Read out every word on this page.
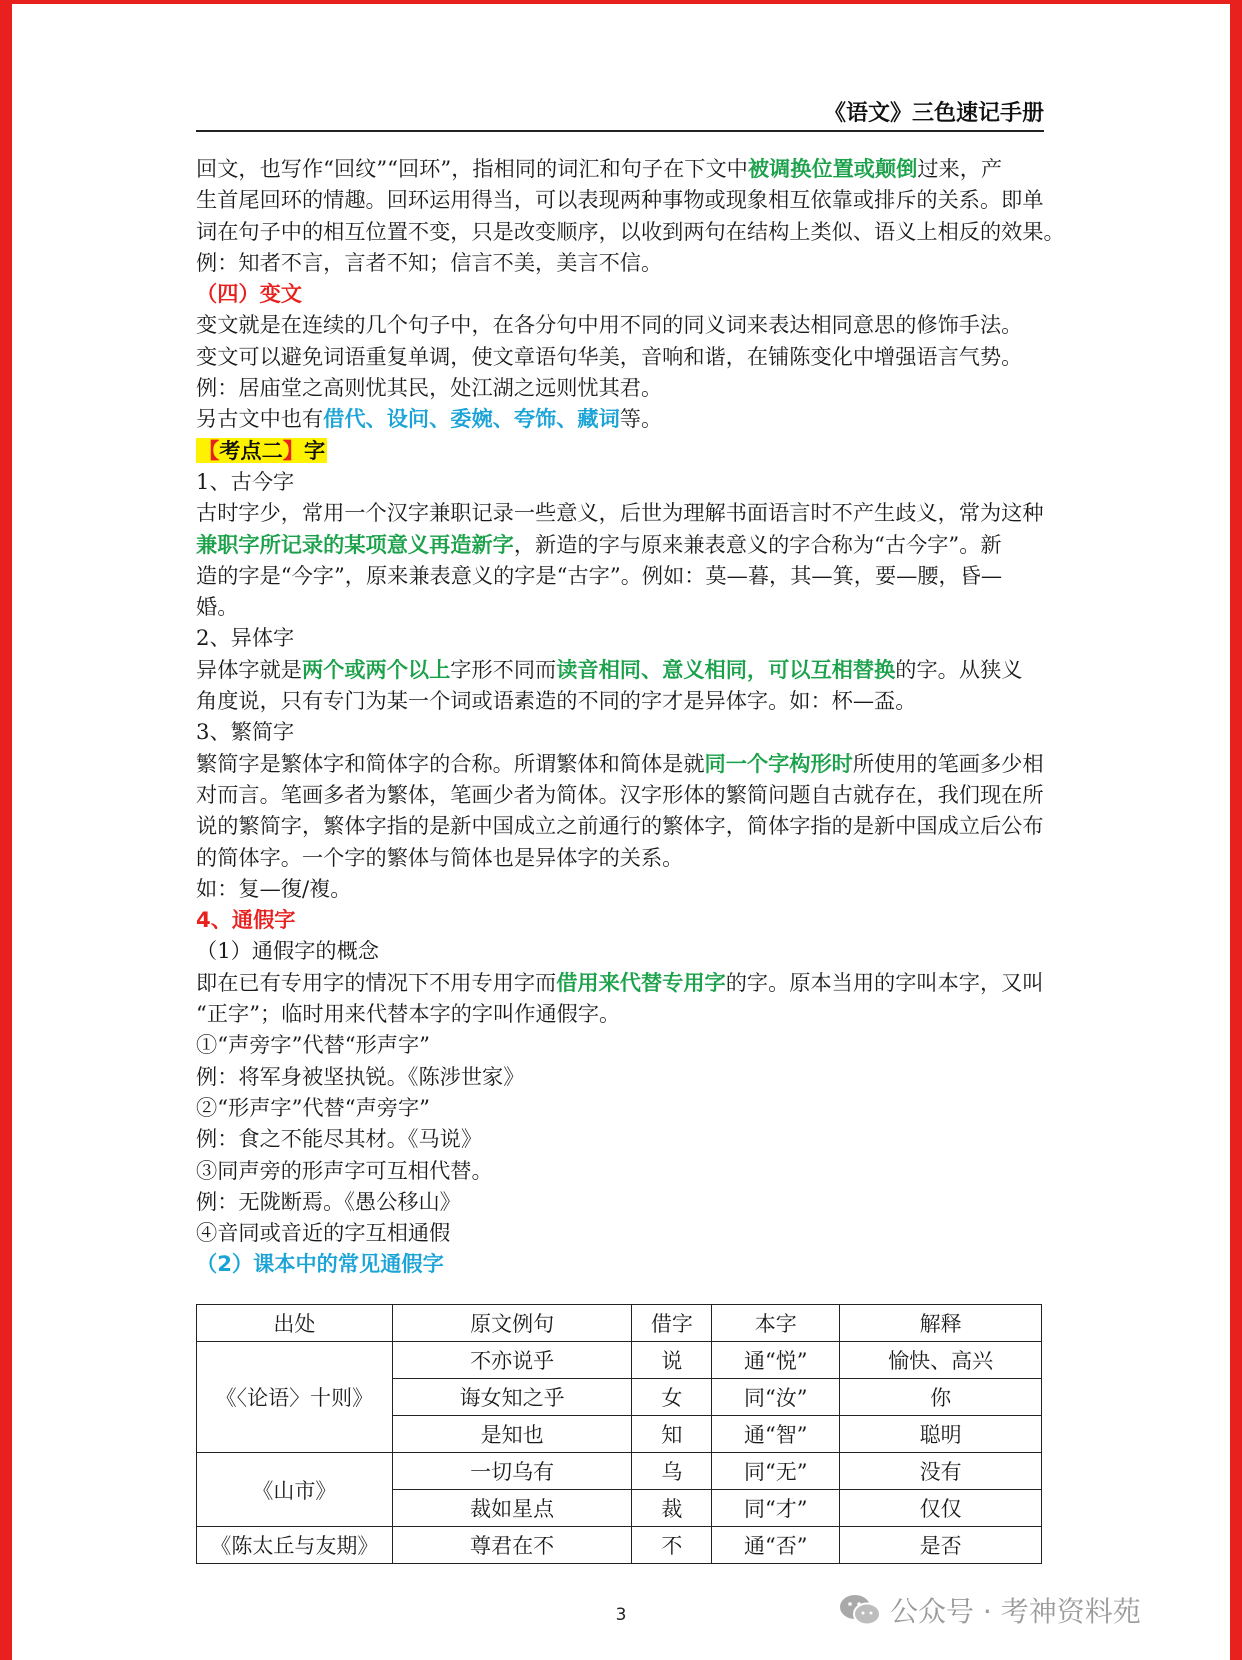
《语文》三色速记手册

回文，也写作“回纹”“回环”，指相同的词汇和句子在下文中被调换位置或颠倒过来，产

生首尾回环的情趣。回环运用得当，可以表现两种事物或现象相互依靠或排斥的关系。即单

词在句子中的相互位置不变，只是改变顺序，以收到两句在结构上类似、语义上相反的效果。

例：知者不言，言者不知；信言不美，美言不信。

（四）变文

变文就是在连续的几个句子中，在各分句中用不同的同义词来表达相同意思的修饰手法。

变文可以避免词语重复单调，使文章语句华美，音响和谐，在铺陈变化中增强语言气势。

例：居庙堂之高则忧其民，处江湖之远则忧其君。

另古文中也有借代、设问、委婉、夸饰、藏词等。

【考点二】字

1、古今字

古时字少，常用一个汉字兼职记录一些意义，后世为理解书面语言时不产生歧义，常为这种

兼职字所记录的某项意义再造新字，新造的字与原来兼表意义的字合称为“古今字”。新

造的字是“今字”，原来兼表意义的字是“古字”。例如：莫—暮，其—箕，要—腰，昏—

婚。

2、异体字

异体字就是两个或两个以上字形不同而读音相同、意义相同，可以互相替换的字。从狭义

角度说，只有专门为某一个词或语素造的不同的字才是异体字。如：杯—盃。

3、繁简字

繁简字是繁体字和简体字的合称。所谓繁体和简体是就同一个字构形时所使用的笔画多少相

对而言。笔画多者为繁体，笔画少者为简体。汉字形体的繁简问题自古就存在，我们现在所

说的繁简字，繁体字指的是新中国成立之前通行的繁体字，简体字指的是新中国成立后公布

的简体字。一个字的繁体与简体也是异体字的关系。

如：复—復/複。

4、通假字

（1）通假字的概念

即在已有专用字的情况下不用专用字而借用来代替专用字的字。原本当用的字叫本字，又叫

“正字”；临时用来代替本字的字叫作通假字。

①“声旁字”代替“形声字”

例：将军身被坚执锐。《陈涉世家》

②“形声字”代替“声旁字”

例：食之不能尽其材。《马说》

③同声旁的形声字可互相代替。

例：无陇断焉。《愚公移山》

④音同或音近的字互相通假

（2）课本中的常见通假字

出处	原文例句	借字	本字	解释
《〈论语〉十则》	不亦说乎	说	通“悦”	愉快、高兴
	诲女知之乎	女	同“汝”	你
	是知也	知	通“智”	聪明
《山市》	一切乌有	乌	同“无”	没有
	裁如星点	裁	同“才”	仅仅
《陈太丘与友期》	尊君在不	不	通“否”	是否
3	公众号 · 考神资料苑
